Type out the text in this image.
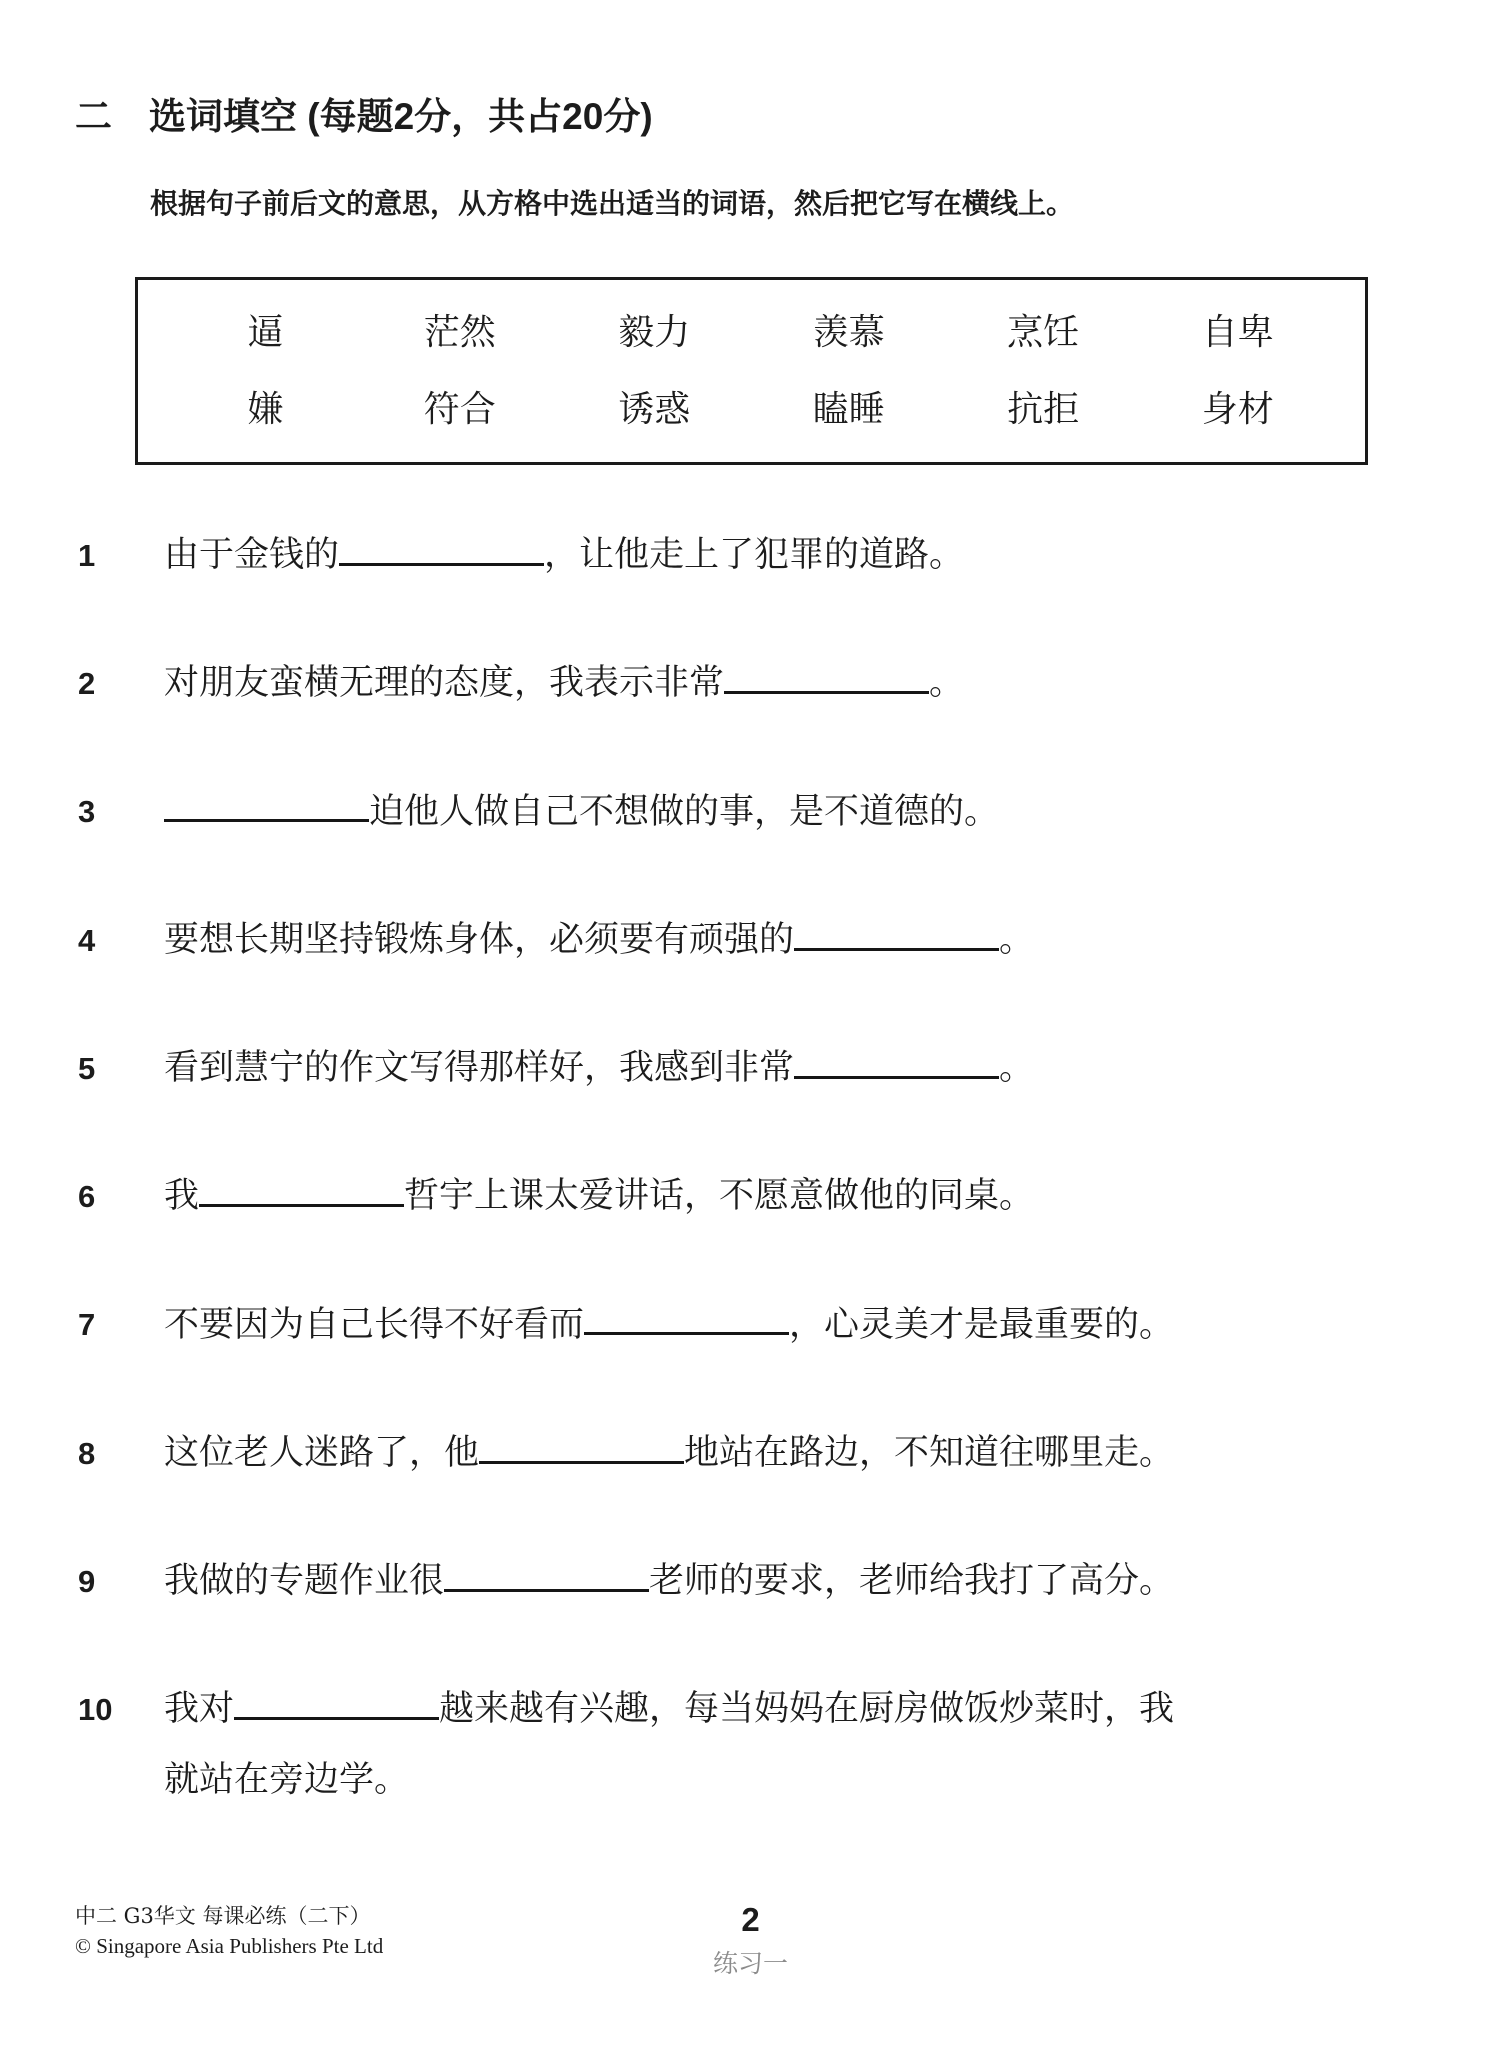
二 选词填空 (每题2分，共占20分)
根据句子前后文的意思，从方格中选出适当的词语，然后把它写在横线上。
逼	茫然	毅力	羡慕	烹饪	自卑
嫌	符合	诱惑	瞌睡	抗拒	身材
1	由于金钱的	，让他走上了犯罪的道路。
2	对朋友蛮横无理的态度，我表示非常	。
3	迫他人做自己不想做的事，是不道德的。
4	要想长期坚持锻炼身体，必须要有顽强的	。
5	看到慧宁的作文写得那样好，我感到非常	。
6	我	哲宇上课太爱讲话，不愿意做他的同桌。
7	不要因为自己长得不好看而	，心灵美才是最重要的。
8	这位老人迷路了，他	地站在路边，不知道往哪里走。
9	我做的专题作业很	老师的要求，老师给我打了高分。
10	我对	越来越有兴趣，每当妈妈在厨房做饭炒菜时，我
就站在旁边学。
中二 G3华文 每课必练（二下）
© Singapore Asia Publishers Pte Ltd
2
练习一
